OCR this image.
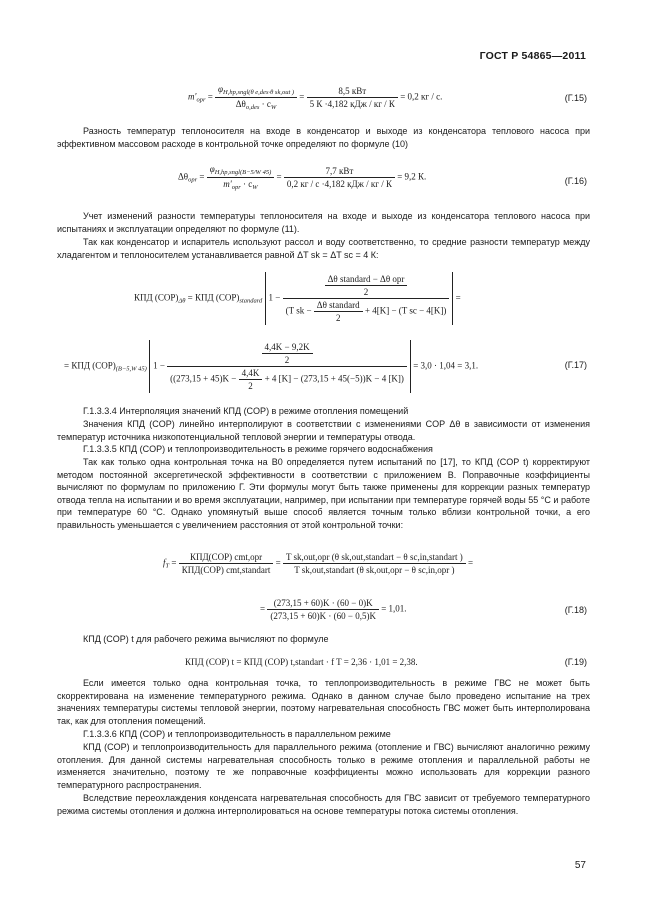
ГОСТ Р 54865—2011
$m'_{opr} = \frac{\varphi_{H,hp,sngl(\theta e,des\cdot\theta sk,out )}}{\Delta\theta_{o,des} \cdot c_W} = \frac{\text{8,5 кВт}}{\text{5 К ·4,182 кДж / кг / К}} = 0,2$ кг / с.	(Г.15)

Разность температур теплоносителя на входе в конденсатор и выходе из конденсатора теплового насоса при эффективном массовом расходе в контрольной точке определяют по формуле (10)

$\Delta\theta_{opr} = \frac{\varphi_{H,hp,sngl(B-5/W 45)}}{m'_{opr} \cdot c_W} = \frac{\text{7,7 кВт}}{\text{0,2 кг / с ·4,182 кДж / кг / К}} = 9,2$ К.	(Г.16)

Учет изменений разности температуры теплоносителя на входе и выходе из конденсатора теплового насоса при испытаниях и эксплуатации определяют по формуле (11).

Так как конденсатор и испаритель используют рассол и воду соответственно, то средние разности температур между хладагентом и теплоносителем устанавливается равной ΔT sk = ΔT sc = 4 К:

КПД $(COP)_{\Delta\theta}$ = КПД $(COP)_{standard}$ 1 −
$\frac{\text{Δθ standard − Δθ opr}}{2}$
(T sk − $\frac{\text{Δθ standard}}{2} + 4[K] - (T$ sc − 4[K])
=
= КПД $(COP)_{(B-5,W 45)}$ 1 −
$\frac{4,4K - 9,2K}{2}$
($(273,15 + 45)K - \frac{4,4K}{2} + 4$ [K] − (273,15 + 45(−5))K − 4 [K])
= 3,0 · 1,04 = 3,1.	(Г.17)

Г.1.3.3.4 Интерполяция значений КПД (COP) в режиме отопления помещений

Значения КПД (COP) линейно интерполируют в соответствии с изменениями COP Δθ в зависимости от изменения температур источника низкопотенциальной тепловой энергии и температуры отвода.

Г.1.3.3.5 КПД (COP) и теплопроизводительность в режиме горячего водоснабжения

Так как только одна контрольная точка на В0 определяется путем испытаний по [17], то КПД (COP t) корректируют методом постоянной эксергетической эффективности в соответствии с приложением В. Поправочные коэффициенты вычисляют по формулам по приложению Г. Эти формулы могут быть также применены для коррекции разных температур отвода тепла на испытании и во время эксплуатации, например, при испытании при температуре горячей воды 55 °С и работе при температуре 60 °С. Однако упомянутый выше способ является точным только вблизи контрольной точки, а его правильность уменьшается с увеличением расстояния от этой контрольной точки:

$f_T = \frac{\text{КПД(COP) cmt,opr}}{\text{КПД(COP) cmt,standart}} = \frac{\text{T sk,out,opr (θ sk,out,standart − θ sc,in,standart )}}{\text{T sk,out,standart (θ sk,out,opr − θ sc,in,opr )}}$ =
= $\frac{(273,15 + 60)K \cdot (60 - 0)K}{(273,15 + 60)K \cdot (60 - 0,5)K} = 1,01$.	(Г.18)

КПД (COP) t для рабочего режима вычисляют по формуле

КПД (COP) t = КПД (COP) t,standart · f T = 2,36 · 1,01 = 2,38.	(Г.19)

Если имеется только одна контрольная точка, то теплопроизводительность в режиме ГВС не может быть скорректирована на изменение температурного режима. Однако в данном случае было проведено испытание на трех значениях температуры системы тепловой энергии, поэтому нагревательная способность ГВС может быть интерполирована так, как для отопления помещений.

Г.1.3.3.6 КПД (COP) и теплопроизводительность в параллельном режиме

КПД (COP) и теплопроизводительность для параллельного режима (отопление и ГВС) вычисляют аналогично режиму отопления. Для данной системы нагревательная способность только в режиме отопления и параллельной работы не изменяется значительно, поэтому те же поправочные коэффициенты можно использовать для коррекции разного температурного распространения.

Вследствие переохлаждения конденсата нагревательная способность для ГВС зависит от требуемого температурного режима системы отопления и должна интерполироваться на основе температуры потока системы отопления.

57
